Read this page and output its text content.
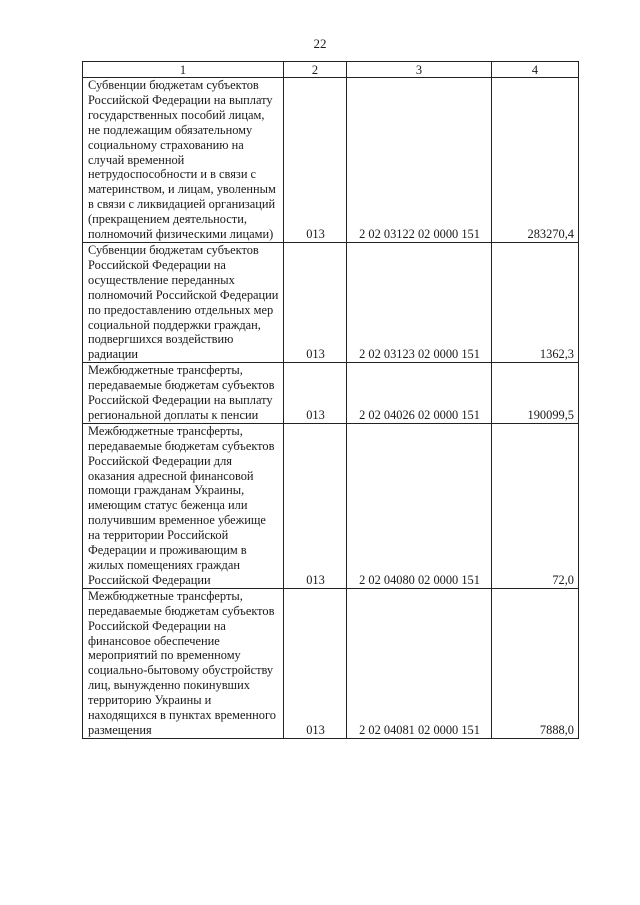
22
1	2	3	4
Субвенции бюджетам субъектов Российской Федерации на выплату государственных пособий лицам, не подлежащим обязательному социальному страхованию на случай временной нетрудоспособности и в связи с материнством, и лицам, уволенным в связи с ликвидацией организаций (прекращением деятельности, полномочий физическими лицами)	013	2 02 03122 02 0000 151	283270,4
Субвенции бюджетам субъектов Российской Федерации на осуществление переданных полномочий Российской Федерации по предоставлению отдельных мер социальной поддержки граждан, подвергшихся воздействию радиации	013	2 02 03123 02 0000 151	1362,3
Межбюджетные трансферты, передаваемые бюджетам субъектов Российской Федерации на выплату региональной доплаты к пенсии	013	2 02 04026 02 0000 151	190099,5
Межбюджетные трансферты, передаваемые бюджетам субъектов Российской Федерации для оказания адресной финансовой помощи гражданам Украины, имеющим статус беженца или получившим временное убежище на территории Российской Федерации и проживающим в жилых помещениях граждан Российской Федерации	013	2 02 04080 02 0000 151	72,0
Межбюджетные трансферты, передаваемые бюджетам субъектов Российской Федерации на финансовое обеспечение мероприятий по временному социально-бытовому обустройству лиц, вынужденно покинувших территорию Украины и находящихся в пунктах временного размещения	013	2 02 04081 02 0000 151	7888,0
